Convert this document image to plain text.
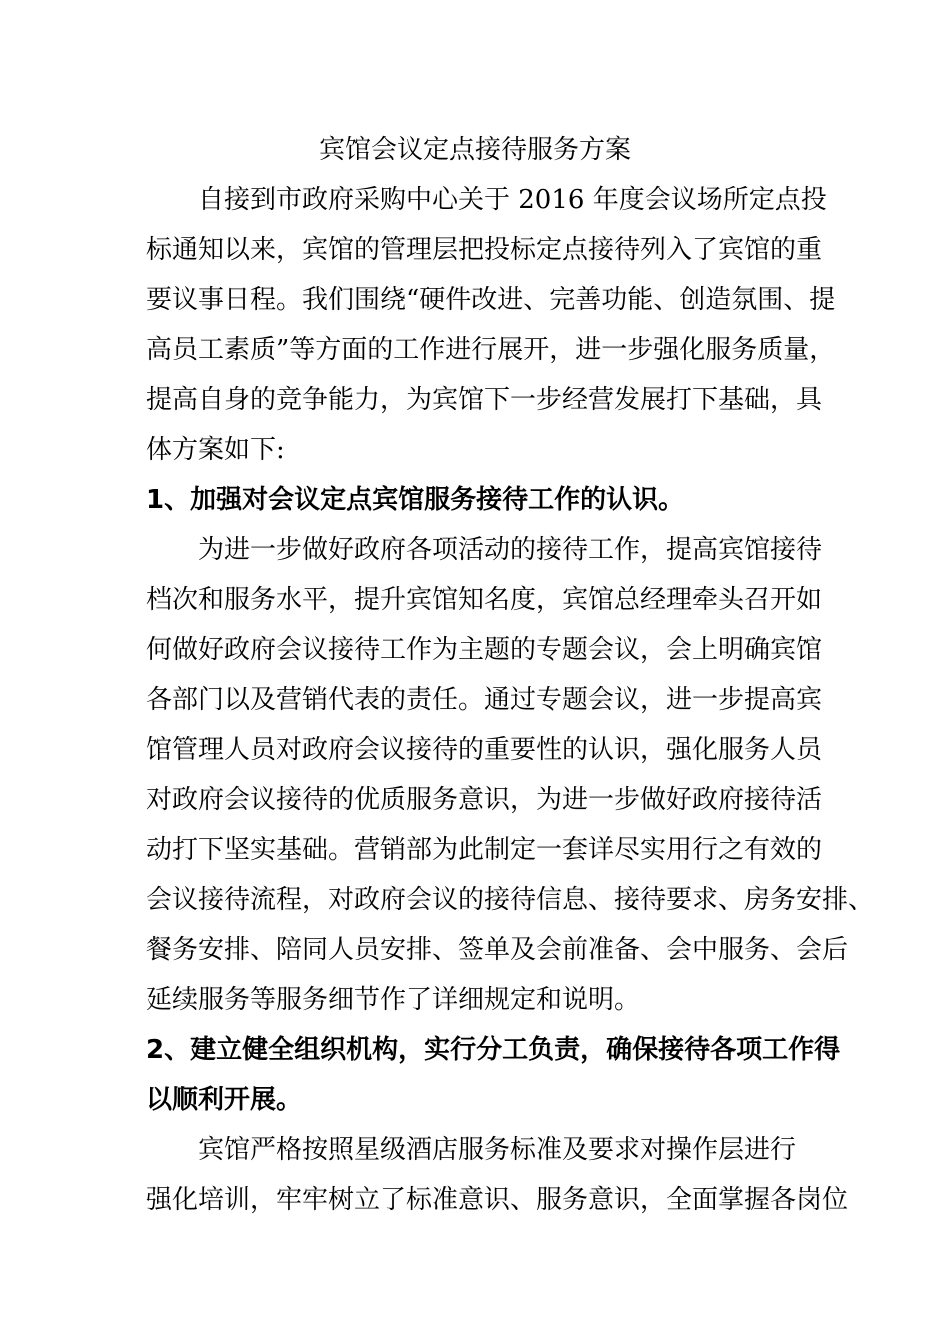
宾馆会议定点接待服务方案
自接到市政府采购中心关于 2016 年度会议场所定点投
标通知以来，宾馆的管理层把投标定点接待列入了宾馆的重
要议事日程。我们围绕“硬件改进、完善功能、创造氛围、提
高员工素质”等方面的工作进行展开，进一步强化服务质量，
提高自身的竞争能力，为宾馆下一步经营发展打下基础，具
体方案如下:
1、加强对会议定点宾馆服务接待工作的认识。
为进一步做好政府各项活动的接待工作，提高宾馆接待
档次和服务水平，提升宾馆知名度，宾馆总经理牵头召开如
何做好政府会议接待工作为主题的专题会议，会上明确宾馆
各部门以及营销代表的责任。通过专题会议，进一步提高宾
馆管理人员对政府会议接待的重要性的认识，强化服务人员
对政府会议接待的优质服务意识，为进一步做好政府接待活
动打下坚实基础。营销部为此制定一套详尽实用行之有效的
会议接待流程，对政府会议的接待信息、接待要求、房务安排、
餐务安排、陪同人员安排、签单及会前准备、会中服务、会后
延续服务等服务细节作了详细规定和说明。
2、建立健全组织机构，实行分工负责，确保接待各项工作得
以顺利开展。
宾馆严格按照星级酒店服务标准及要求对操作层进行
强化培训，牢牢树立了标准意识、服务意识，全面掌握各岗位
